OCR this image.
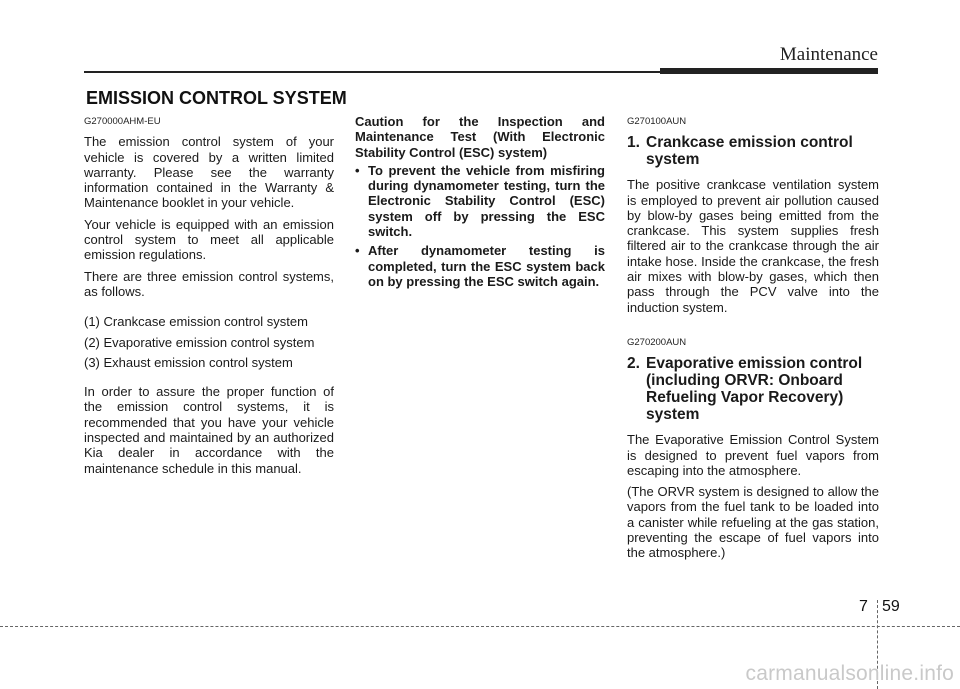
Maintenance
EMISSION CONTROL SYSTEM
G270000AHM-EU

The emission control system of your vehicle is covered by a written limited warranty. Please see the warranty information contained in the Warranty & Maintenance booklet in your vehicle.

Your vehicle is equipped with an emission control system to meet all applicable emission regulations.

There are three emission control systems, as follows.

(1) Crankcase emission control system
(2) Evaporative emission control system
(3) Exhaust emission control system

In order to assure the proper function of the emission control systems, it is recommended that you have your vehicle inspected and maintained by an authorized Kia dealer in accordance with the maintenance schedule in this manual.

Caution for the Inspection and Maintenance Test (With Electronic Stability Control (ESC) system)
• To prevent the vehicle from misfiring during dynamometer testing, turn the Electronic Stability Control (ESC) system off by pressing the ESC switch.
• After dynamometer testing is completed, turn the ESC system back on by pressing the ESC switch again.
G270100AUN
1. Crankcase emission control system

The positive crankcase ventilation system is employed to prevent air pollution caused by blow-by gases being emitted from the crankcase. This system supplies fresh filtered air to the crankcase through the air intake hose. Inside the crankcase, the fresh air mixes with blow-by gases, which then pass through the PCV valve into the induction system.

G270200AUN
2. Evaporative emission control (including ORVR: Onboard Refueling Vapor Recovery) system

The Evaporative Emission Control System is designed to prevent fuel vapors from escaping into the atmosphere.

(The ORVR system is designed to allow the vapors from the fuel tank to be loaded into a canister while refueling at the gas station, preventing the escape of fuel vapors into the atmosphere.)

7 59
carmanualsonline.info
